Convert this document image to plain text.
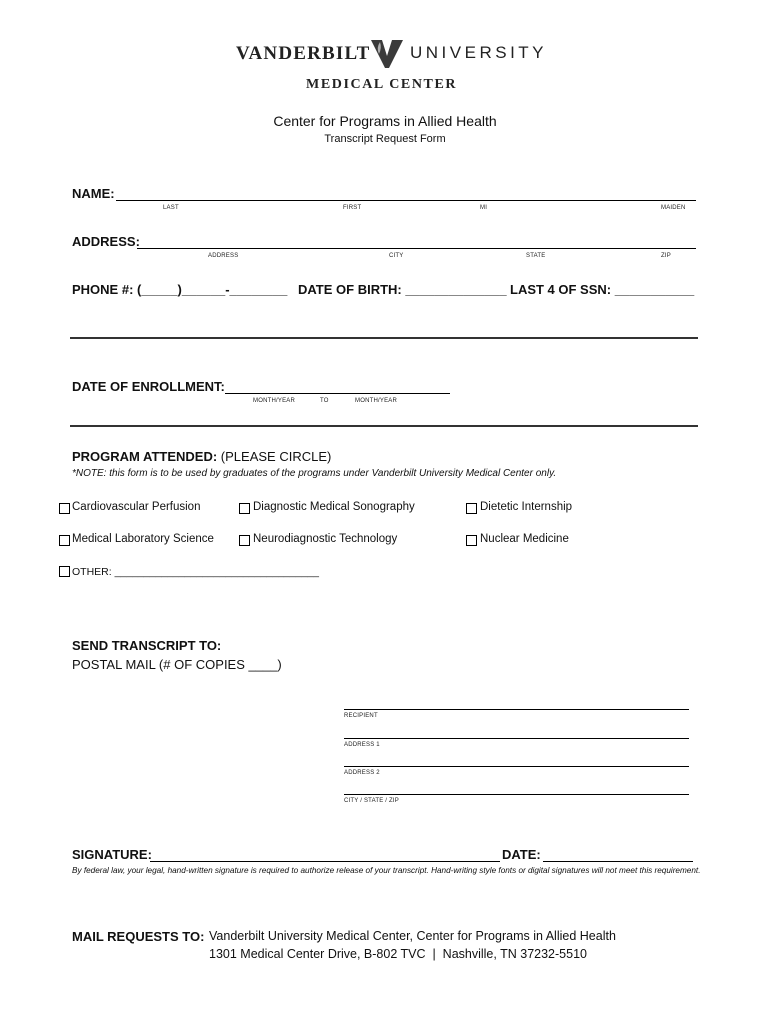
VANDERBILT UNIVERSITY
MEDICAL CENTER
Center for Programs in Allied Health
Transcript Request Form
NAME:
LAST	FIRST	MI	MAIDEN
ADDRESS:
ADDRESS	CITY	STATE	ZIP
PHONE #: (_____)______-________ DATE OF BIRTH: ______________ LAST 4 OF SSN: ___________
DATE OF ENROLLMENT:
MONTH/YEAR	TO	MONTH/YEAR
PROGRAM ATTENDED: (PLEASE CIRCLE)
*NOTE: this form is to be used by graduates of the programs under Vanderbilt University Medical Center only.
Cardiovascular Perfusion	Diagnostic Medical Sonography	Dietetic Internship
Medical Laboratory Science	Neurodiagnostic Technology	Nuclear Medicine
OTHER: ___________________________________
SEND TRANSCRIPT TO:
POSTAL MAIL (# OF COPIES ____)
RECIPIENT
ADDRESS 1
ADDRESS 2
CITY / STATE / ZIP
SIGNATURE:	DATE:
By federal law, your legal, hand-written signature is required to authorize release of your transcript. Hand-writing style fonts or digital signatures will not meet this requirement.
MAIL REQUESTS TO: Vanderbilt University Medical Center, Center for Programs in Allied Health
1301 Medical Center Drive, B-802 TVC  |  Nashville, TN 37232-5510
